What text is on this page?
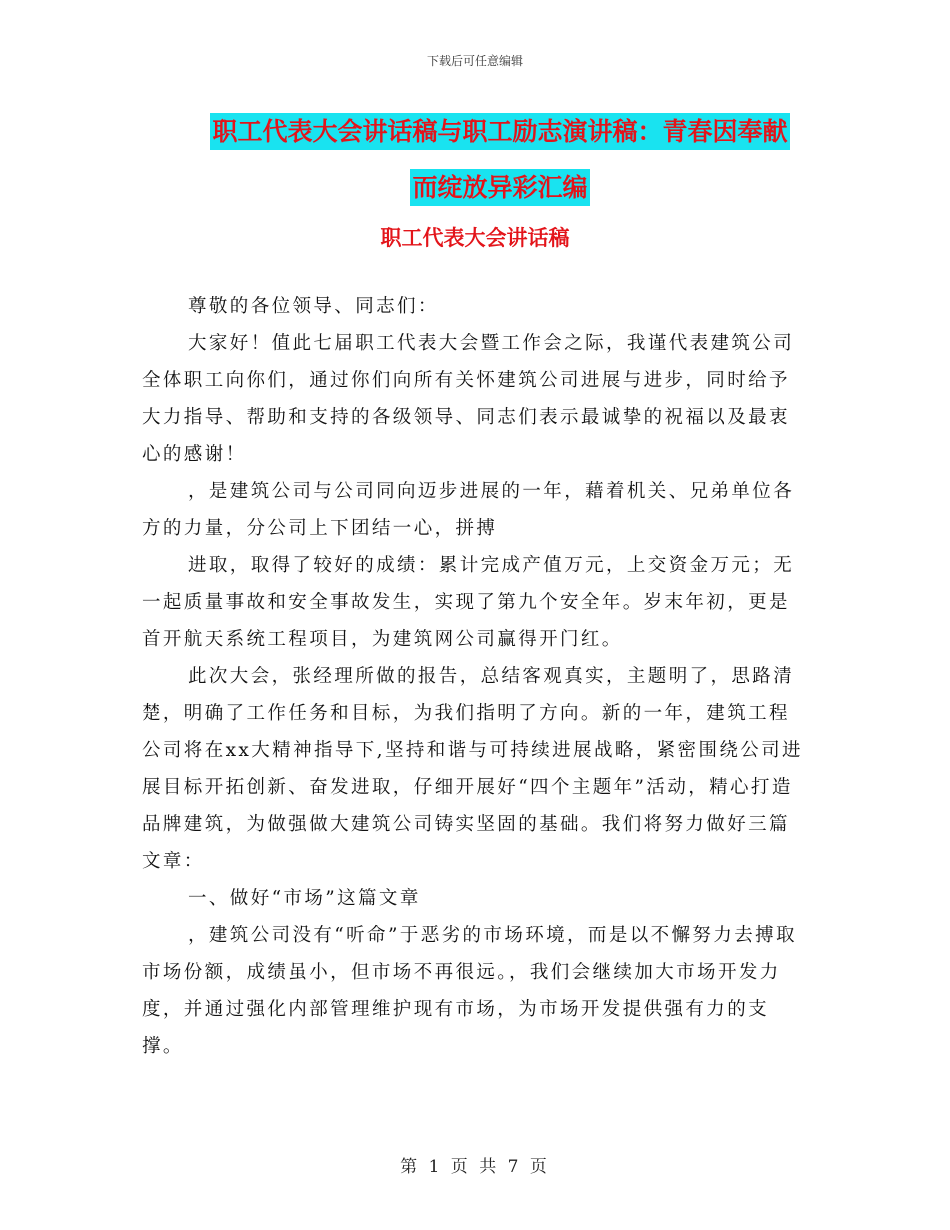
下载后可任意编辑
职工代表大会讲话稿与职工励志演讲稿：青春因奉献
而绽放异彩汇编
职工代表大会讲话稿

尊敬的各位领导、同志们：

大家好！值此七届职工代表大会暨工作会之际，我谨代表建筑公司全体职工向你们，通过你们向所有关怀建筑公司进展与进步，同时给予大力指导、帮助和支持的各级领导、同志们表示最诚挚的祝福以及最衷心的感谢！

，是建筑公司与公司同向迈步进展的一年，藉着机关、兄弟单位各方的力量，分公司上下团结一心，拼搏

进取，取得了较好的成绩：累计完成产值万元，上交资金万元；无一起质量事故和安全事故发生，实现了第九个安全年。岁末年初，更是首开航天系统工程项目，为建筑网公司赢得开门红。

此次大会，张经理所做的报告，总结客观真实，主题明了，思路清楚，明确了工作任务和目标，为我们指明了方向。新的一年，建筑工程公司将在xx大精神指导下,坚持和谐与可持续进展战略，紧密围绕公司进展目标开拓创新、奋发进取，仔细开展好“四个主题年”活动，精心打造品牌建筑，为做强做大建筑公司铸实坚固的基础。我们将努力做好三篇文章：

一、做好“市场”这篇文章

，建筑公司没有“听命”于恶劣的市场环境，而是以不懈努力去搏取市场份额，成绩虽小，但市场不再很远。，我们会继续加大市场开发力度，并通过强化内部管理维护现有市场，为市场开发提供强有力的支撑。

第 1 页 共 7 页
